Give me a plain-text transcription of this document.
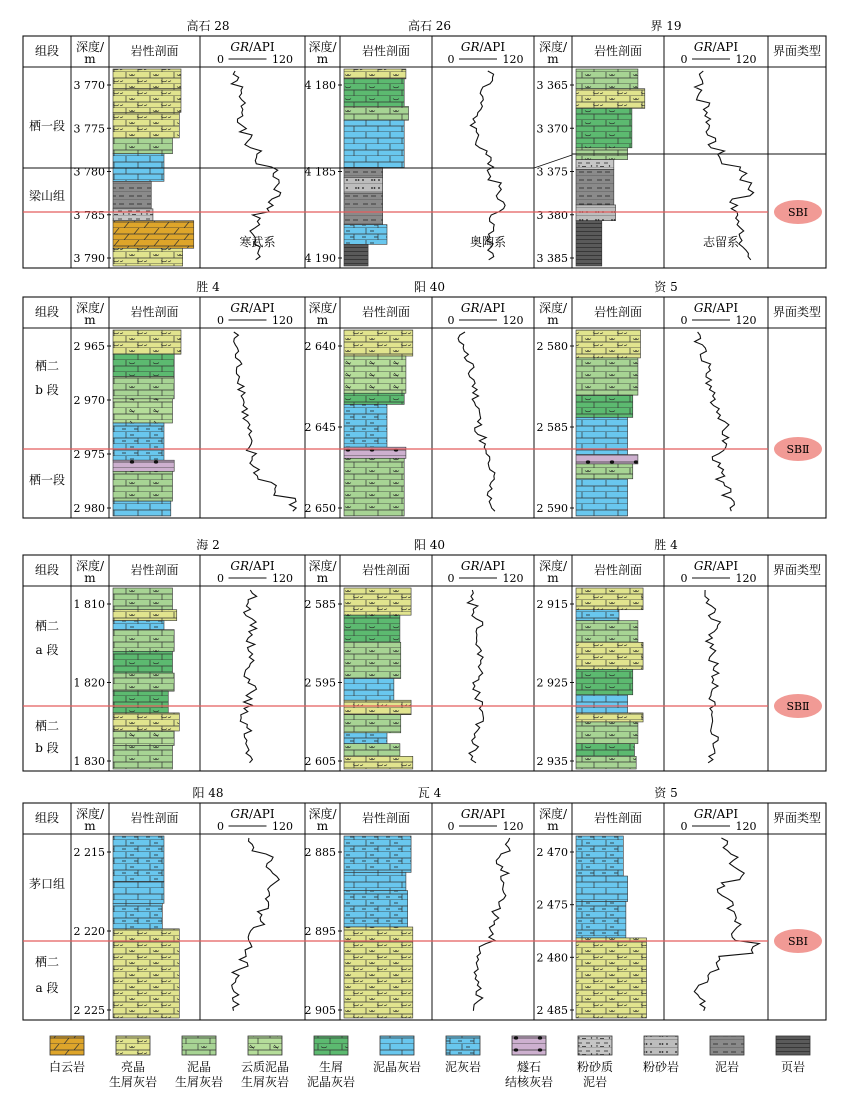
高石 28	高石 26	界 19
组段 深度/
m
岩性剖面	GR/API
0	120
深度/
m
岩性剖面	GR/API
0	120
深度/
m
岩性剖面	GR/API
0	120
界面类型
3 770
3 775
3 780
3 785
3 790
4 180
4 185
4 190
3 365
3 370
3 375
3 380
3 385
栖一段
梁山组
寒武系	奥陶系	志留系
SBⅠ
胜 4	阳 40	资 5
组段 深度/
m
岩性剖面	GR/API
0	120
深度/
m
岩性剖面	GR/API
0	120
深度/
m
岩性剖面	GR/API
0	120
界面类型
2 965
2 970
2 975
2 980
2 640
2 645
2 650
2 580
2 585
2 590
栖二
b 段
栖一段
SBⅡ
海 2	阳 40	胜 4
组段 深度/
m
岩性剖面	GR/API
0	120
深度/
m
岩性剖面	GR/API
0	120
深度/
m
岩性剖面	GR/API
0	120
界面类型
1 810
1 820
1 830
2 585
2 595
2 605
2 915
2 925
2 935
栖二
a 段
栖二
b 段
SBⅡ
阳 48	瓦 4	资 5
组段 深度/
m
岩性剖面	GR/API
0	120
深度/
m
岩性剖面	GR/API
0	120
深度/
m
岩性剖面	GR/API
0	120
界面类型
2 215
2 220
2 225
2 885
2 895
2 905
2 470
2 475
2 480
2 485
茅口组
栖二
a 段
SBⅠ
白云岩	亮晶
生屑灰岩
泥晶
生屑灰岩
云质泥晶
生屑灰岩
生屑
泥晶灰岩
泥晶灰岩 泥灰岩	燧石
结核灰岩
粉砂质
泥岩
粉砂岩	泥岩	页岩
